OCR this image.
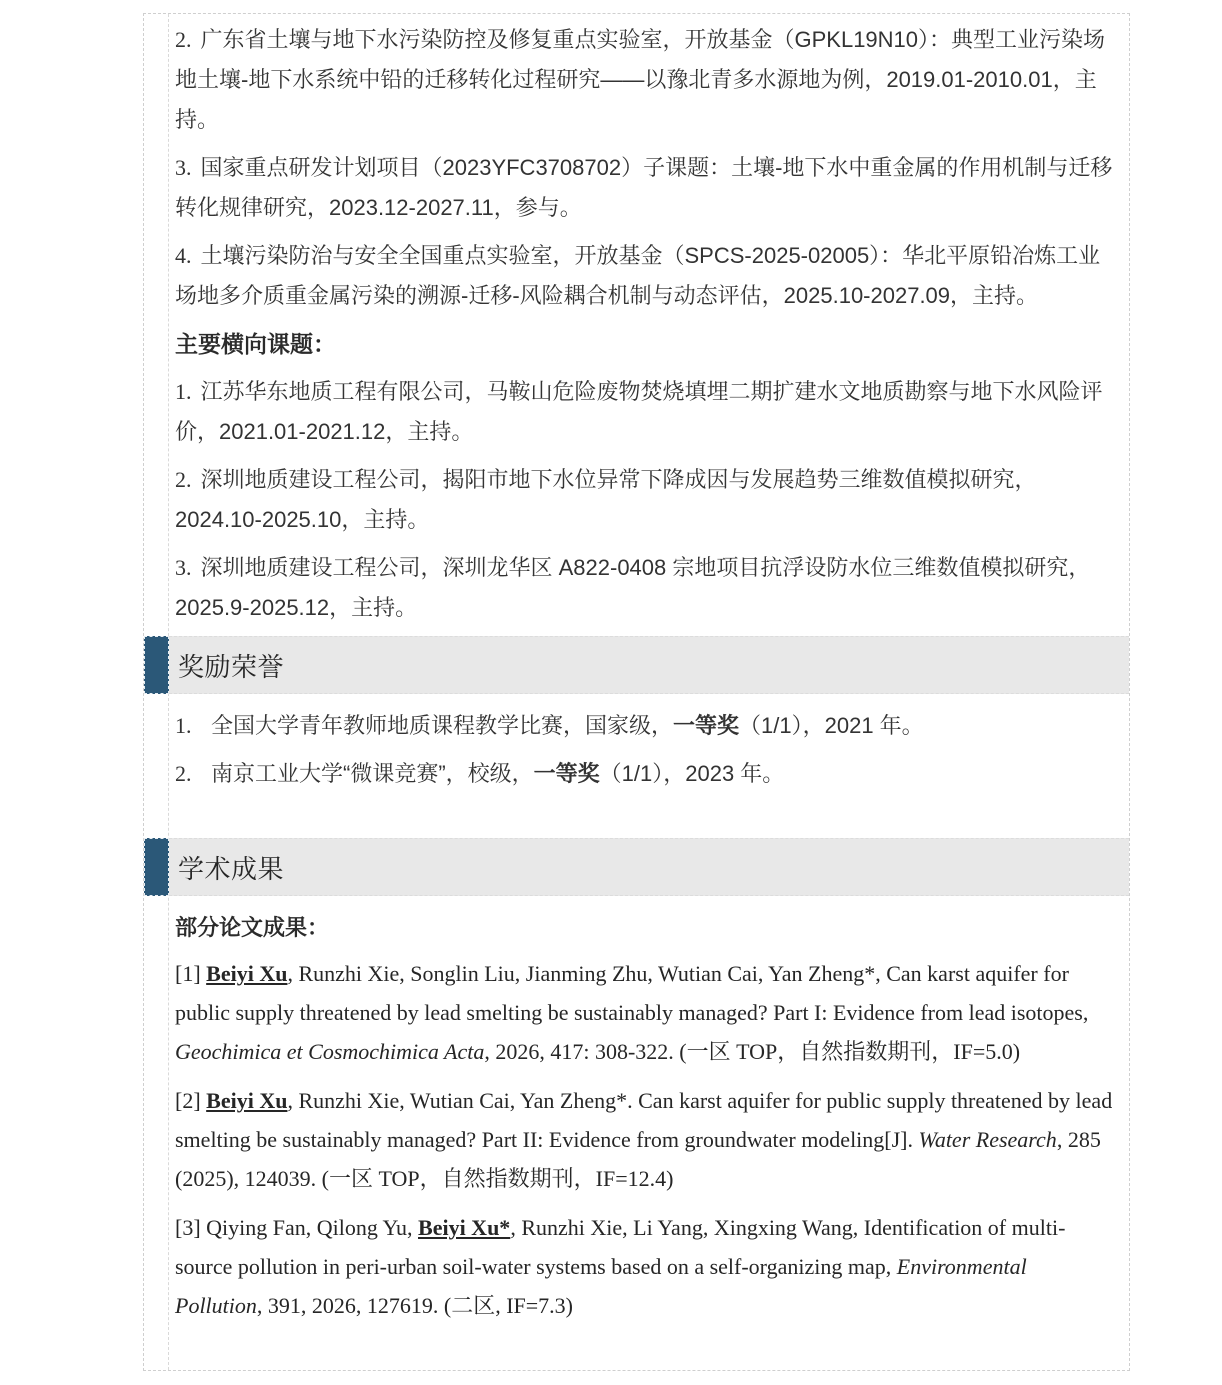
2. 广东省土壤与地下水污染防控及修复重点实验室，开放基金（GPKL19N10）：典型工业污染场地土壤-地下水系统中铅的迁移转化过程研究——以豫北青多水源地为例，2019.01-2010.01，主持。

3. 国家重点研发计划项目（2023YFC3708702）子课题：土壤-地下水中重金属的作用机制与迁移转化规律研究，2023.12-2027.11，参与。

4. 土壤污染防治与安全全国重点实验室，开放基金（SPCS-2025-02005）：华北平原铅冶炼工业场地多介质重金属污染的溯源-迁移-风险耦合机制与动态评估，2025.10-2027.09，主持。

主要横向课题：

1. 江苏华东地质工程有限公司，马鞍山危险废物焚烧填埋二期扩建水文地质勘察与地下水风险评价，2021.01-2021.12，主持。

2. 深圳地质建设工程公司，揭阳市地下水位异常下降成因与发展趋势三维数值模拟研究，2024.10-2025.10，主持。

3. 深圳地质建设工程公司，深圳龙华区 A822-0408 宗地项目抗浮设防水位三维数值模拟研究，2025.9-2025.12，主持。

奖励荣誉

1. 全国大学青年教师地质课程教学比赛，国家级，一等奖（1/1），2021 年。

2. 南京工业大学“微课竞赛”，校级，一等奖（1/1），2023 年。

学术成果

部分论文成果：

[1] Beiyi Xu, Runzhi Xie, Songlin Liu, Jianming Zhu, Wutian Cai, Yan Zheng*, Can karst aquifer for public supply threatened by lead smelting be sustainably managed? Part I: Evidence from lead isotopes, Geochimica et Cosmochimica Acta, 2026, 417: 308-322. (一区 TOP，自然指数期刊，IF=5.0)

[2] Beiyi Xu, Runzhi Xie, Wutian Cai, Yan Zheng*. Can karst aquifer for public supply threatened by lead smelting be sustainably managed? Part II: Evidence from groundwater modeling[J]. Water Research, 285 (2025), 124039. (一区 TOP，自然指数期刊，IF=12.4)

[3] Qiying Fan, Qilong Yu, Beiyi Xu*, Runzhi Xie, Li Yang, Xingxing Wang, Identification of multi-source pollution in peri-urban soil-water systems based on a self-organizing map, Environmental Pollution, 391, 2026, 127619. (二区, IF=7.3)
